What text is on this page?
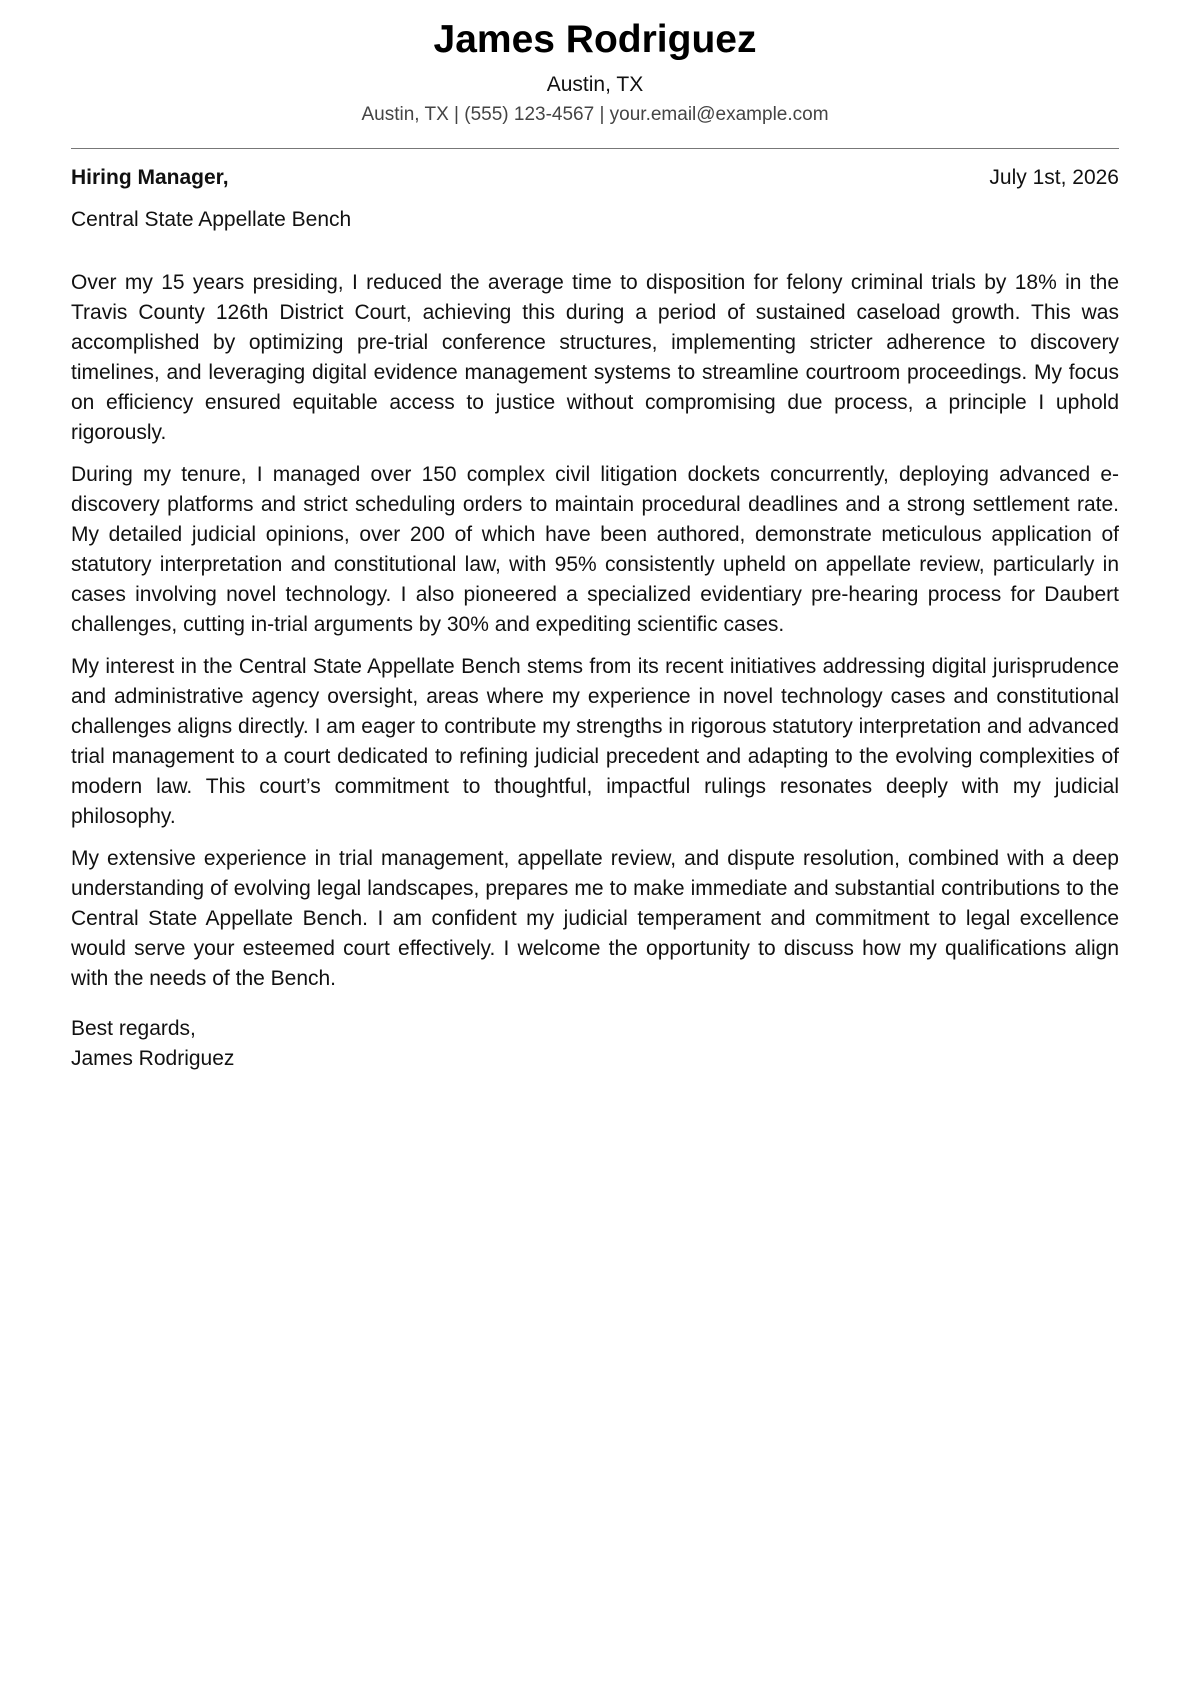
James Rodriguez
Austin, TX
Austin, TX | (555) 123-4567 | your.email@example.com
Hiring Manager,	July 1st, 2026
Central State Appellate Bench

Over my 15 years presiding, I reduced the average time to disposition for felony criminal trials by 18% in the Travis County 126th District Court, achieving this during a period of sustained caseload growth. This was accomplished by optimizing pre-trial conference structures, implementing stricter adherence to discovery timelines, and leveraging digital evidence management systems to streamline courtroom proceedings. My focus on efficiency ensured equitable access to justice without compromising due process, a principle I uphold rigorously.

During my tenure, I managed over 150 complex civil litigation dockets concurrently, deploying advanced e-discovery platforms and strict scheduling orders to maintain procedural deadlines and a strong settlement rate. My detailed judicial opinions, over 200 of which have been authored, demonstrate meticulous application of statutory interpretation and constitutional law, with 95% consistently upheld on appellate review, particularly in cases involving novel technology. I also pioneered a specialized evidentiary pre-hearing process for Daubert challenges, cutting in-trial arguments by 30% and expediting scientific cases.

My interest in the Central State Appellate Bench stems from its recent initiatives addressing digital jurisprudence and administrative agency oversight, areas where my experience in novel technology cases and constitutional challenges aligns directly. I am eager to contribute my strengths in rigorous statutory interpretation and advanced trial management to a court dedicated to refining judicial precedent and adapting to the evolving complexities of modern law. This court’s commitment to thoughtful, impactful rulings resonates deeply with my judicial philosophy.

My extensive experience in trial management, appellate review, and dispute resolution, combined with a deep understanding of evolving legal landscapes, prepares me to make immediate and substantial contributions to the Central State Appellate Bench. I am confident my judicial temperament and commitment to legal excellence would serve your esteemed court effectively. I welcome the opportunity to discuss how my qualifications align with the needs of the Bench.

Best regards,
James Rodriguez
